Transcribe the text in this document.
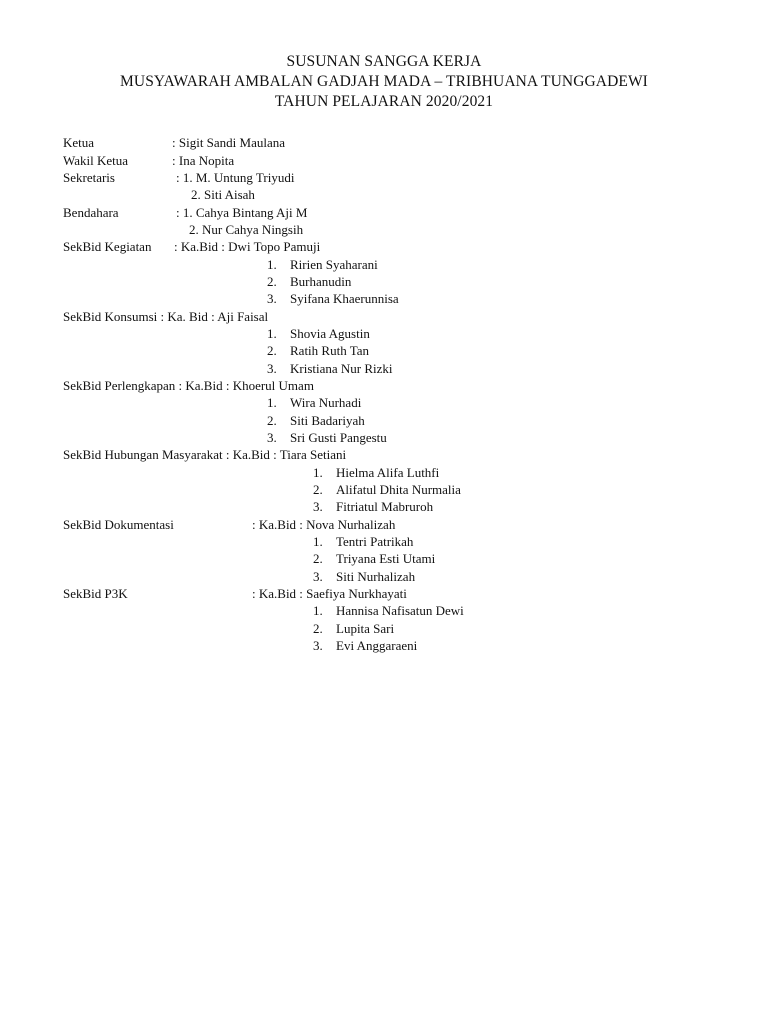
SUSUNAN SANGGA KERJA
MUSYAWARAH AMBALAN GADJAH MADA – TRIBHUANA TUNGGADEWI
TAHUN PELAJARAN 2020/2021
Ketua	: Sigit Sandi Maulana
Wakil Ketua	: Ina Nopita
Sekretaris	: 1. M. Untung Triyudi
2. Siti Aisah
Bendahara	: 1. Cahya Bintang Aji M
2. Nur Cahya Ningsih
SekBid Kegiatan : Ka.Bid : Dwi Topo Pamuji
1. Ririen Syaharani
2. Burhanudin
3. Syifana Khaerunnisa
SekBid Konsumsi : Ka. Bid : Aji Faisal
1. Shovia Agustin
2. Ratih Ruth Tan
3. Kristiana Nur Rizki
SekBid Perlengkapan : Ka.Bid : Khoerul Umam
1. Wira Nurhadi
2. Siti Badariyah
3. Sri Gusti Pangestu
SekBid Hubungan Masyarakat : Ka.Bid : Tiara Setiani
1. Hielma Alifa Luthfi
2. Alifatul Dhita Nurmalia
3. Fitriatul Mabruroh
SekBid Dokumentasi	: Ka.Bid : Nova Nurhalizah
1. Tentri Patrikah
2. Triyana Esti Utami
3. Siti Nurhalizah
SekBid P3K	: Ka.Bid : Saefiya Nurkhayati
1. Hannisa Nafisatun Dewi
2. Lupita Sari
3. Evi Anggaraeni
